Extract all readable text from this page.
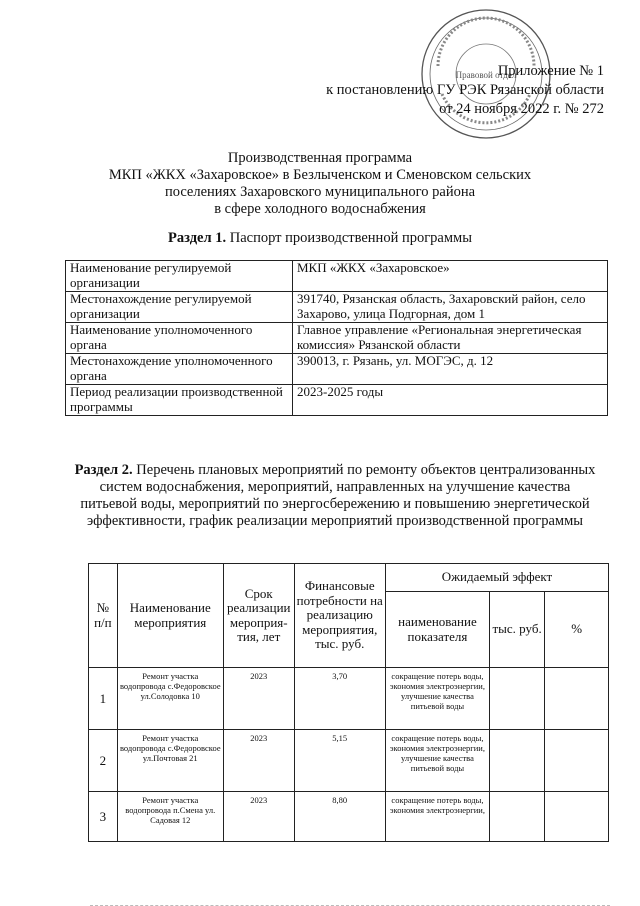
Правовой отдел
Приложение № 1
к постановлению ГУ РЭК Рязанской области
от 24 ноября 2022 г. № 272
Производственная программа
МКП «ЖКХ «Захаровское» в Безлыченском и Сменовском сельских
поселениях Захаровского муниципального района
в сфере холодного водоснабжения
Раздел 1. Паспорт производственной программы
Наименование регулируемой организации	МКП «ЖКХ «Захаровское»
Местонахождение регулируемой организации	391740, Рязанская область, Захаровский район, село Захарово, улица Подгорная, дом 1
Наименование уполномоченного органа	Главное управление «Региональная энергетическая комиссия» Рязанской области
Местонахождение уполномоченного органа	390013, г. Рязань, ул. МОГЭС, д. 12
Период реализации производственной программы	2023-2025 годы
Раздел 2. Перечень плановых мероприятий по ремонту объектов централизованных систем водоснабжения, мероприятий, направленных на улучшение качества питьевой воды, мероприятий по энергосбережению и повышению энергетической эффективности, график реализации мероприятий производственной программы
№ п/п	Наименование мероприятия	Срок реализации мероприя-тия, лет	Финансовые потребности на реализацию мероприятия, тыс. руб.	Ожидаемый эффект		
				наименование показателя	тыс. руб.	%
1	Ремонт участка водопровода с.Федоровское ул.Солодовка 10	2023	3,70	сокращение потерь воды, экономия электроэнергии, улучшение качества питьевой воды		
2	Ремонт участка водопровода с.Федоровское ул.Почтовая 21	2023	5,15	сокращение потерь воды, экономия электроэнергии, улучшение качества питьевой воды		
3	Ремонт участка водопровода п.Смена ул. Садовая 12	2023	8,80	сокращение потерь воды, экономия электроэнергии,		
